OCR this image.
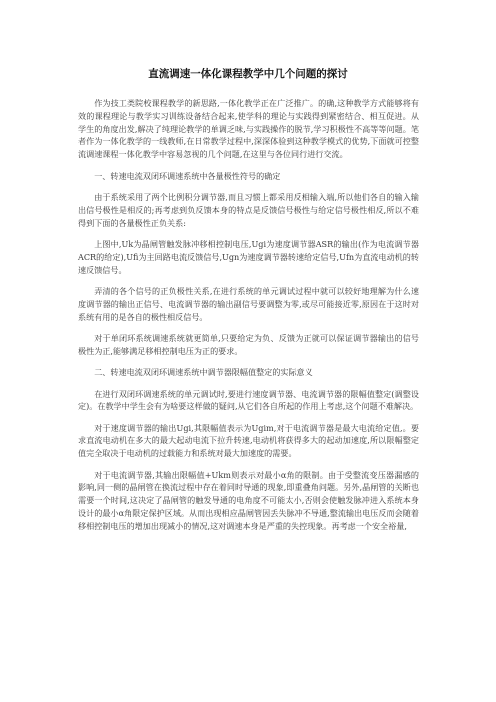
直流调速一体化课程教学中几个问题的探讨

作为技工类院校课程教学的新思路,一体化教学正在广泛推广。的确,这种教学方式能够将有效的课程理论与教学实习训练设备结合起来,使学科的理论与实践得到紧密结合、相互促进。从学生的角度出发,解决了纯理论教学的单调乏味,与实践操作的脱节,学习积极性不高等等问题。笔者作为一体化教学的一线教师,在日常教学过程中,深深体验到这种教学模式的优势,下面就可控整流调速课程一体化教学中容易忽视的几个问题,在这里与各位同行进行交流。

一、转速电流双闭环调速系统中各量极性符号的确定

由于系统采用了两个比例积分调节器,而且习惯上都采用反相输入端,所以他们各自的输入输出信号极性是相反的;再考虑到负反馈本身的特点是反馈信号极性与给定信号极性相反,所以不难得到下面的各量极性正负关系:

上图中,Uk为晶闸管触发脉冲移相控制电压,Ugi为速度调节器ASR的输出(作为电流调节器ACR的给定),Ufi为主回路电流反馈信号,Ugn为速度调节器转速给定信号,Ufn为直流电动机的转速反馈信号。

弄清的各个信号的正负极性关系,在进行系统的单元调试过程中就可以较好地理解为什么速度调节器的输出正信号、电流调节器的输出副信号要调整为零,或尽可能接近零,原因在于这时对系统有用的是各自的极性相反信号。

对于单闭环系统调速系统就更简单,只要给定为负、反馈为正就可以保证调节器输出的信号极性为正,能够满足移相控制电压为正的要求。

二、转速电流双闭环调速系统中调节器限幅值整定的实际意义

在进行双闭环调速系统的单元调试时,要进行速度调节器、电流调节器的限幅值整定(调整设定)。在教学中学生会有为啥要这样做的疑问,从它们各自所起的作用上考虑,这个问题不难解决。

对于速度调节器的输出Ugi,其限幅值表示为Ugim,对于电流调节器是最大电流给定值,。要求直流电动机在多大的最大起动电流下拉升转速,电动机将获得多大的起动加速度,所以限幅整定值完全取决于电动机的过载能力和系统对最大加速度的需要。

对于电流调节器,其输出限幅值+Ukm则表示对最小α角的限制。由于受整流变压器漏感的影响,同一侧的晶闸管在换流过程中存在着同时导通的现象,即重叠角问题。另外,晶闸管的关断也需要一个时间,这决定了晶闸管的触发导通的电角度不可能太小,否则会使触发脉冲进入系统本身设计的最小α角限定保护区域。从而出现相应晶闸管因丢失脉冲不导通,整流输出电压反而会随着移相控制电压的增加出现减小的情况,这对调速本身是严重的失控现象。再考虑一个安全裕量,
